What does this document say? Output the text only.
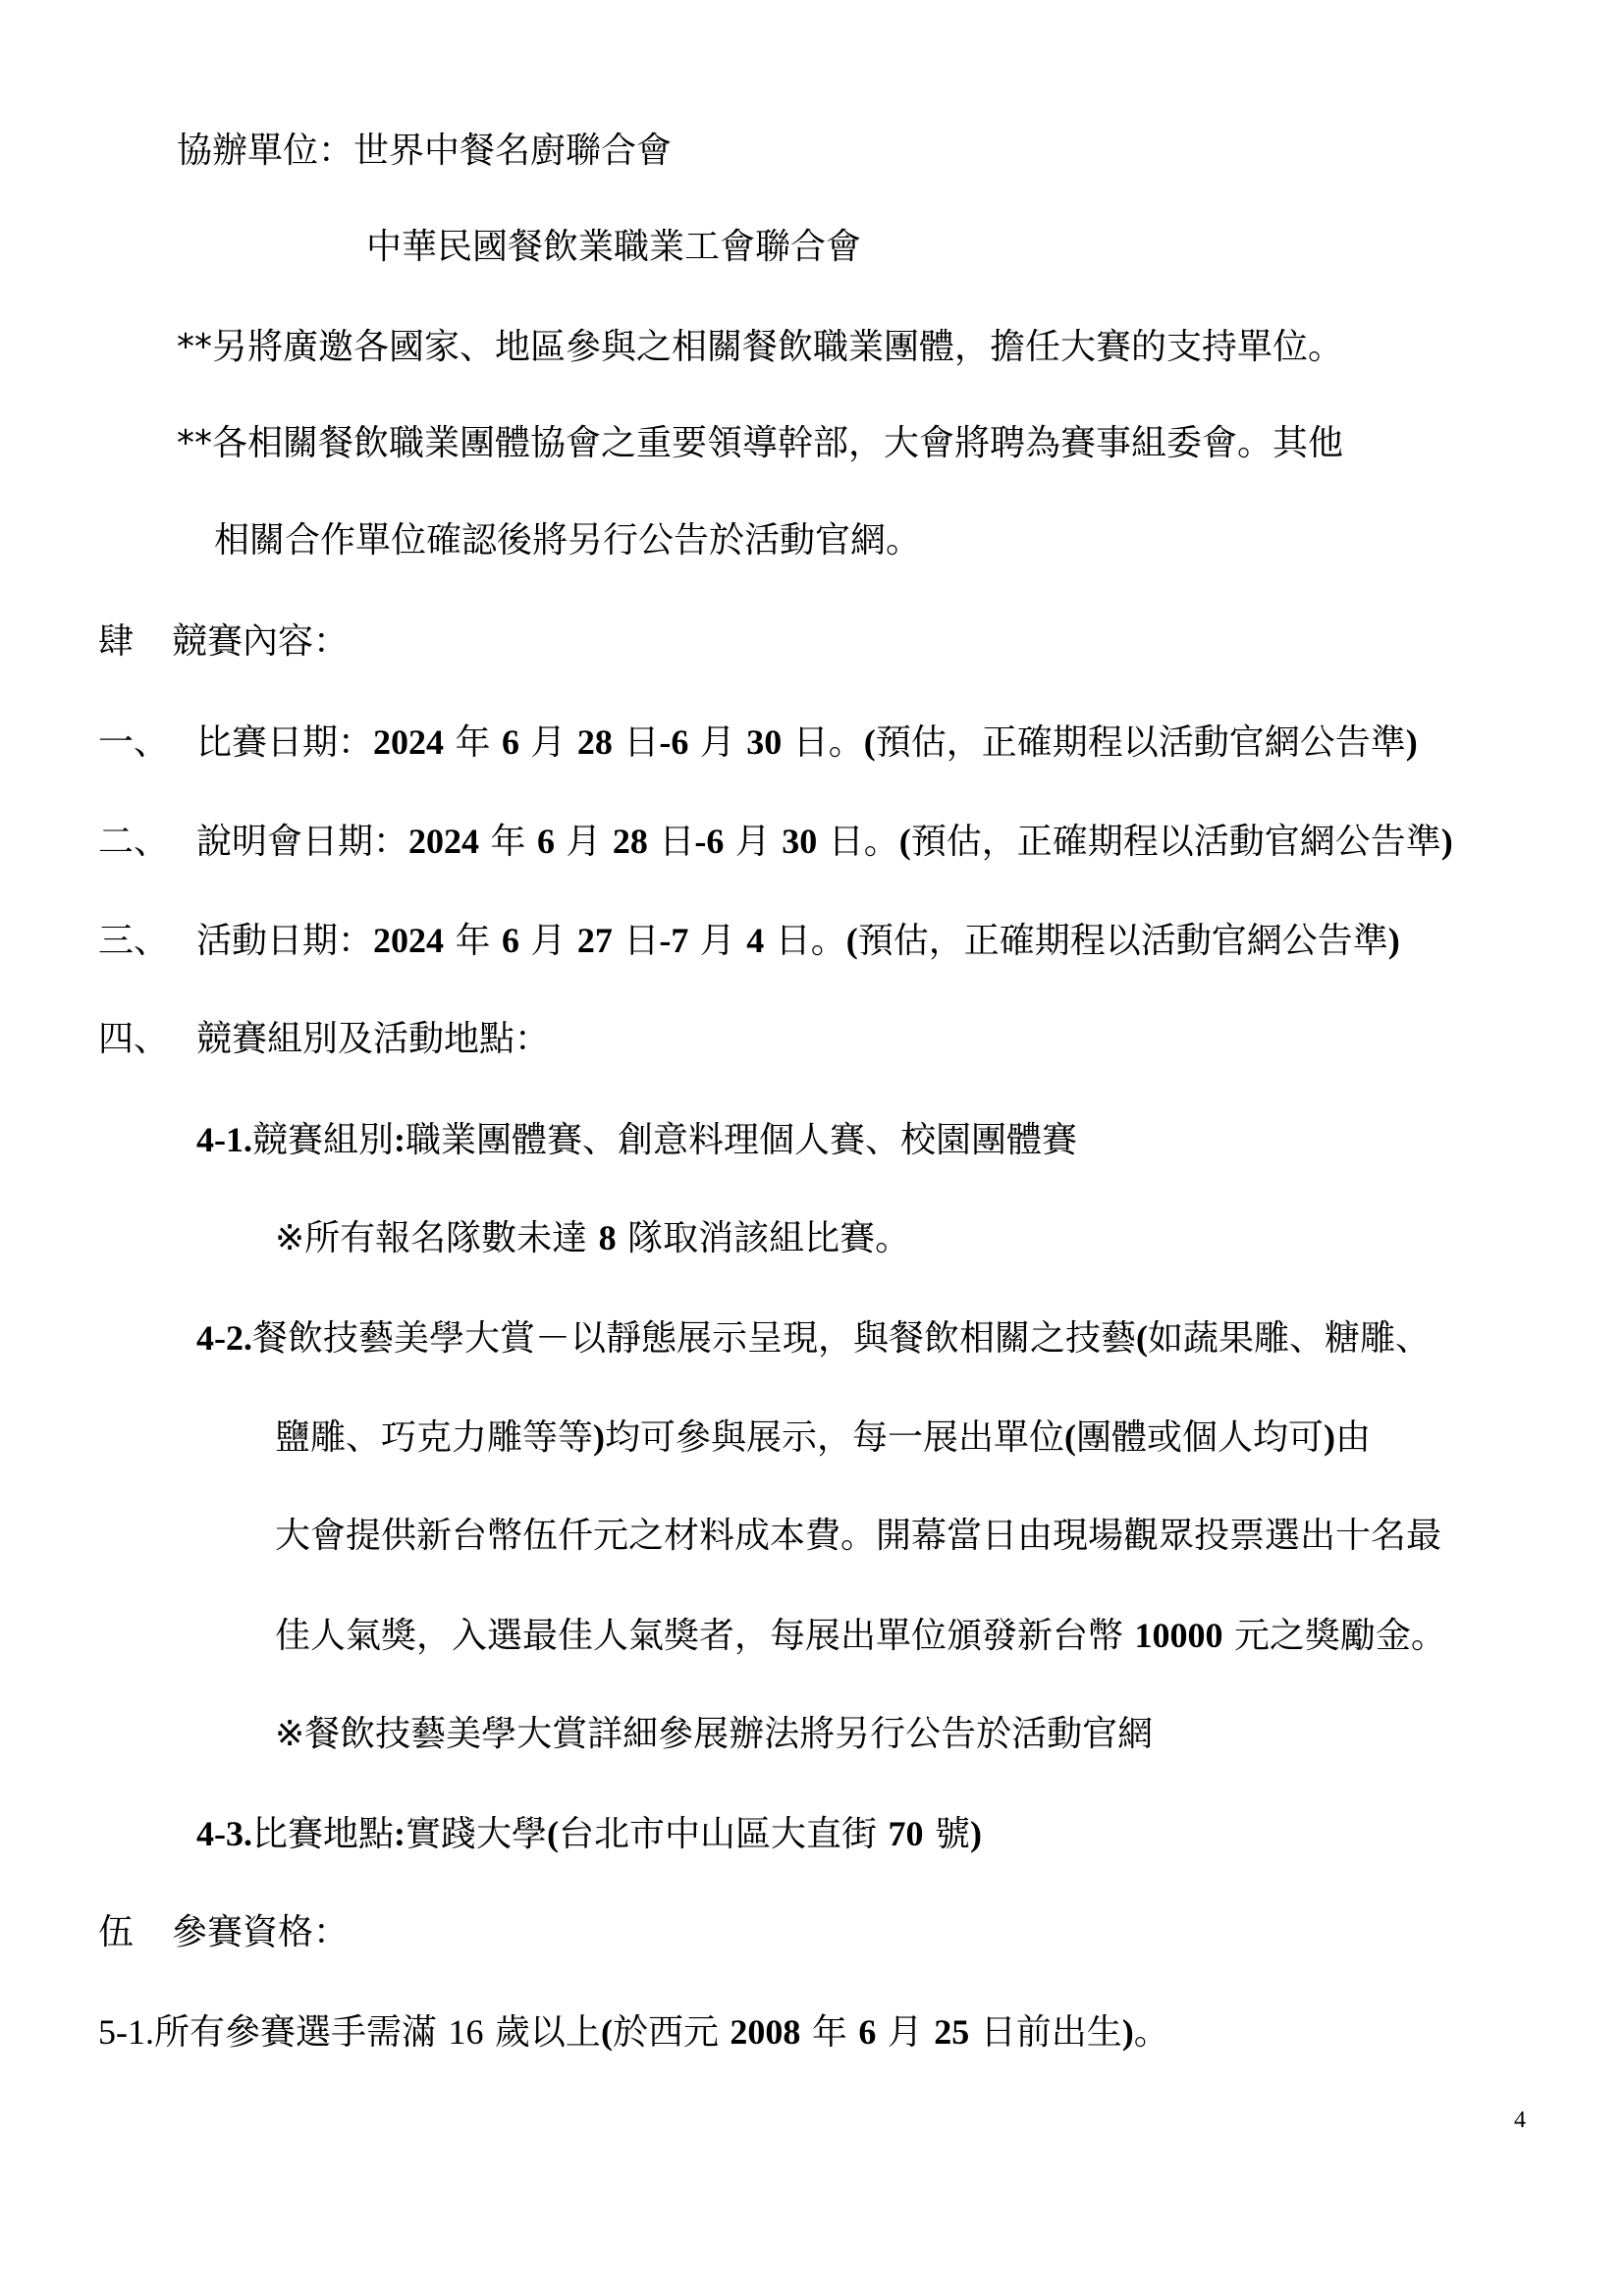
協辦單位：世界中餐名廚聯合會

中華民國餐飲業職業工會聯合會

**另將廣邀各國家、地區參與之相關餐飲職業團體，擔任大賽的支持單位。

**各相關餐飲職業團體協會之重要領導幹部，大會將聘為賽事組委會。其他

相關合作單位確認後將另行公告於活動官網。

肆 競賽內容：

一、 比賽日期：2024 年 6 月 28 日-6 月 30 日。(預估，正確期程以活動官網公告準)

二、 說明會日期：2024 年 6 月 28 日-6 月 30 日。(預估，正確期程以活動官網公告準)

三、 活動日期：2024 年 6 月 27 日-7 月 4 日。(預估，正確期程以活動官網公告準)

四、 競賽組別及活動地點：

4-1.競賽組別:職業團體賽、創意料理個人賽、校園團體賽

※所有報名隊數未達 8 隊取消該組比賽。

4-2.餐飲技藝美學大賞－以靜態展示呈現，與餐飲相關之技藝(如蔬果雕、糖雕、

鹽雕、巧克力雕等等)均可參與展示，每一展出單位(團體或個人均可)由

大會提供新台幣伍仟元之材料成本費。開幕當日由現場觀眾投票選出十名最

佳人氣獎，入選最佳人氣獎者，每展出單位頒發新台幣 10000 元之獎勵金。

※餐飲技藝美學大賞詳細參展辦法將另行公告於活動官網

4-3.比賽地點:實踐大學(台北市中山區大直街 70 號)

伍 參賽資格：

5-1.所有參賽選手需滿 16 歲以上(於西元 2008 年 6 月 25 日前出生)。

4
